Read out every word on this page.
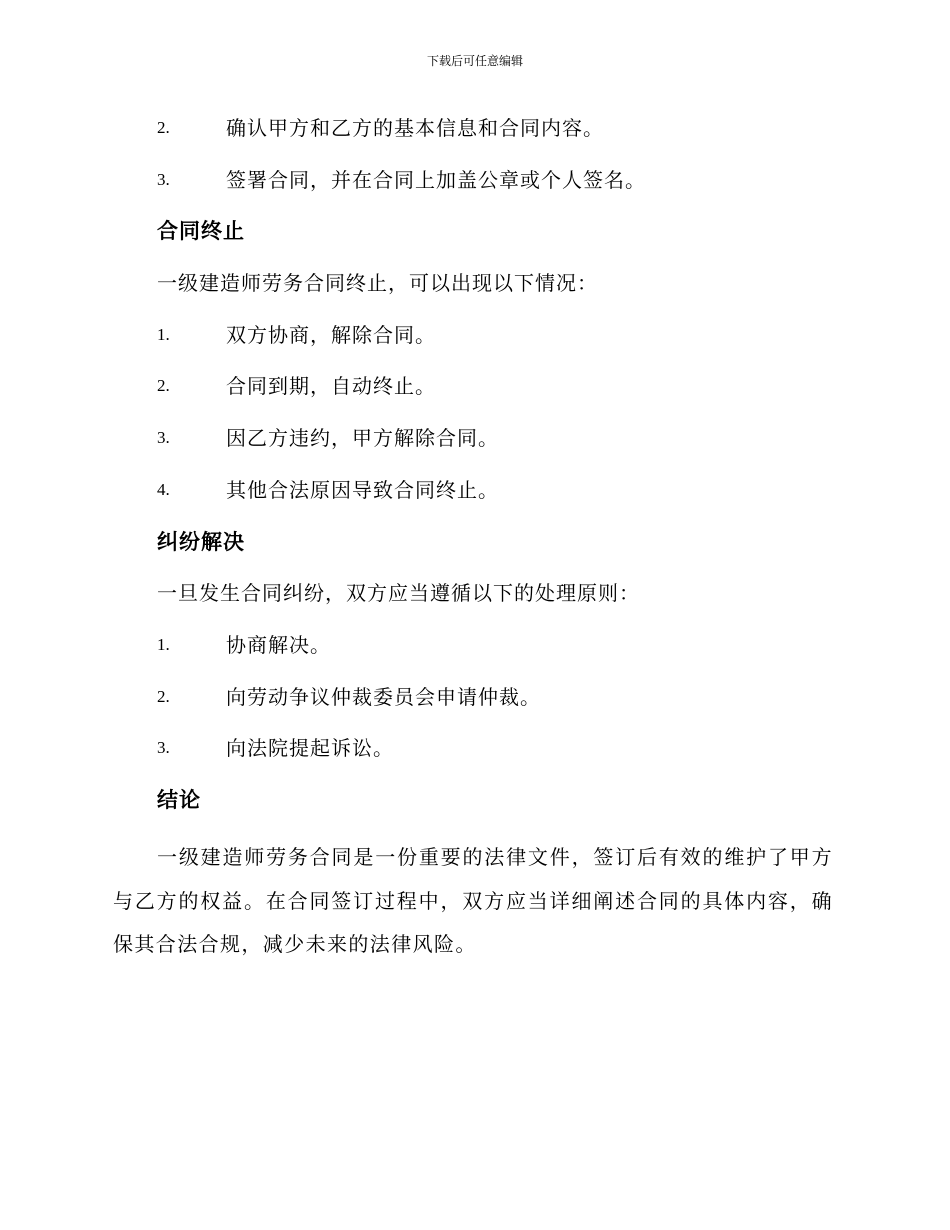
下载后可任意编辑
2.	确认甲方和乙方的基本信息和合同内容。
3.	签署合同，并在合同上加盖公章或个人签名。
合同终止
一级建造师劳务合同终止，可以出现以下情况：
1.	双方协商，解除合同。
2.	合同到期，自动终止。
3.	因乙方违约，甲方解除合同。
4.	其他合法原因导致合同终止。
纠纷解决
一旦发生合同纠纷，双方应当遵循以下的处理原则：
1.	协商解决。
2.	向劳动争议仲裁委员会申请仲裁。
3.	向法院提起诉讼。
结论

一级建造师劳务合同是一份重要的法律文件，签订后有效的维护了甲方与乙方的权益。在合同签订过程中，双方应当详细阐述合同的具体内容，确保其合法合规，减少未来的法律风险。
